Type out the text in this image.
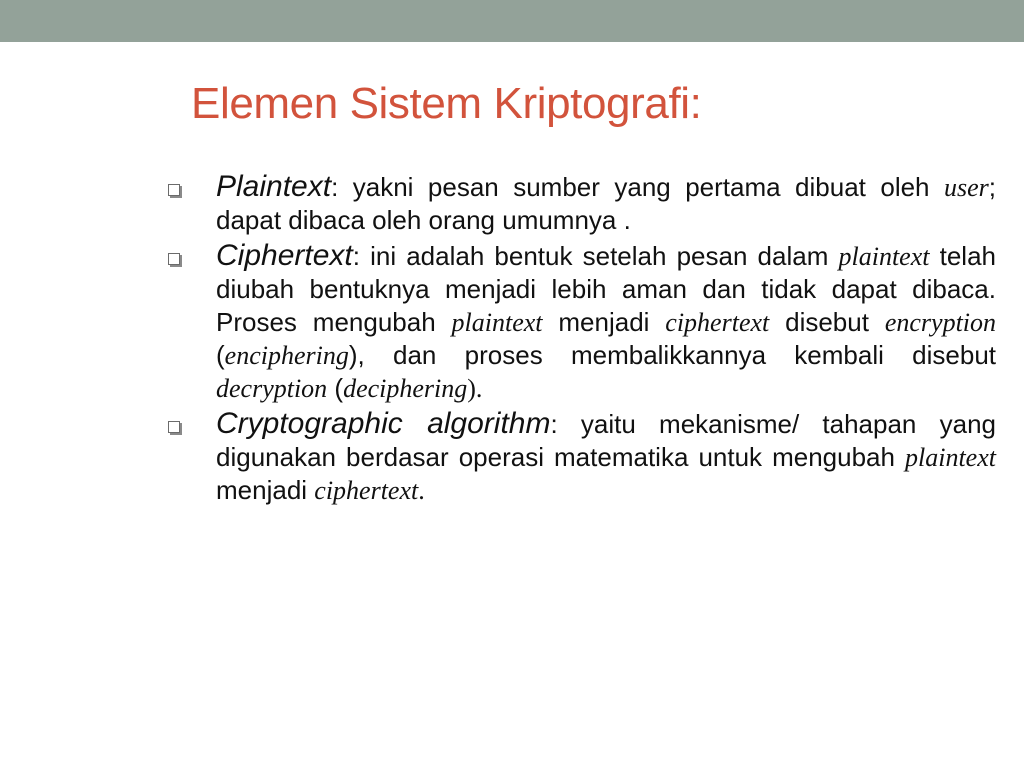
Elemen Sistem Kriptografi:
Plaintext: yakni pesan sumber yang pertama dibuat oleh user; dapat dibaca oleh orang umumnya .
Ciphertext: ini adalah bentuk setelah pesan dalam plaintext telah diubah bentuknya menjadi lebih aman dan tidak dapat dibaca. Proses mengubah plaintext menjadi ciphertext disebut encryption (enciphering), dan proses membalikkannya kembali disebut decryption (deciphering).
Cryptographic algorithm: yaitu mekanisme/ tahapan yang digunakan berdasar operasi matematika untuk mengubah plaintext menjadi ciphertext.
